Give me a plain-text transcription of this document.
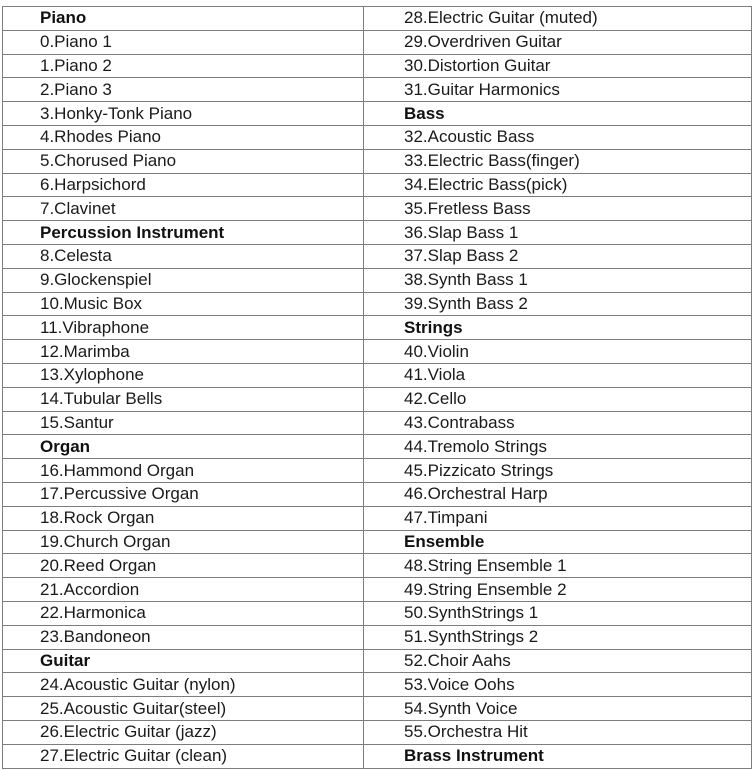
Piano	28.Electric Guitar (muted)
0.Piano 1	29.Overdriven Guitar
1.Piano 2	30.Distortion Guitar
2.Piano 3	31.Guitar Harmonics
3.Honky-Tonk Piano	Bass
4.Rhodes Piano	32.Acoustic Bass
5.Chorused Piano	33.Electric Bass(finger)
6.Harpsichord	34.Electric Bass(pick)
7.Clavinet	35.Fretless Bass
Percussion Instrument	36.Slap Bass 1
8.Celesta	37.Slap Bass 2
9.Glockenspiel	38.Synth Bass 1
10.Music Box	39.Synth Bass 2
11.Vibraphone	Strings
12.Marimba	40.Violin
13.Xylophone	41.Viola
14.Tubular Bells	42.Cello
15.Santur	43.Contrabass
Organ	44.Tremolo Strings
16.Hammond Organ	45.Pizzicato Strings
17.Percussive Organ	46.Orchestral Harp
18.Rock Organ	47.Timpani
19.Church Organ	Ensemble
20.Reed Organ	48.String Ensemble 1
21.Accordion	49.String Ensemble 2
22.Harmonica	50.SynthStrings 1
23.Bandoneon	51.SynthStrings 2
Guitar	52.Choir Aahs
24.Acoustic Guitar (nylon)	53.Voice Oohs
25.Acoustic Guitar(steel)	54.Synth Voice
26.Electric Guitar (jazz)	55.Orchestra Hit
27.Electric Guitar (clean)	Brass Instrument
